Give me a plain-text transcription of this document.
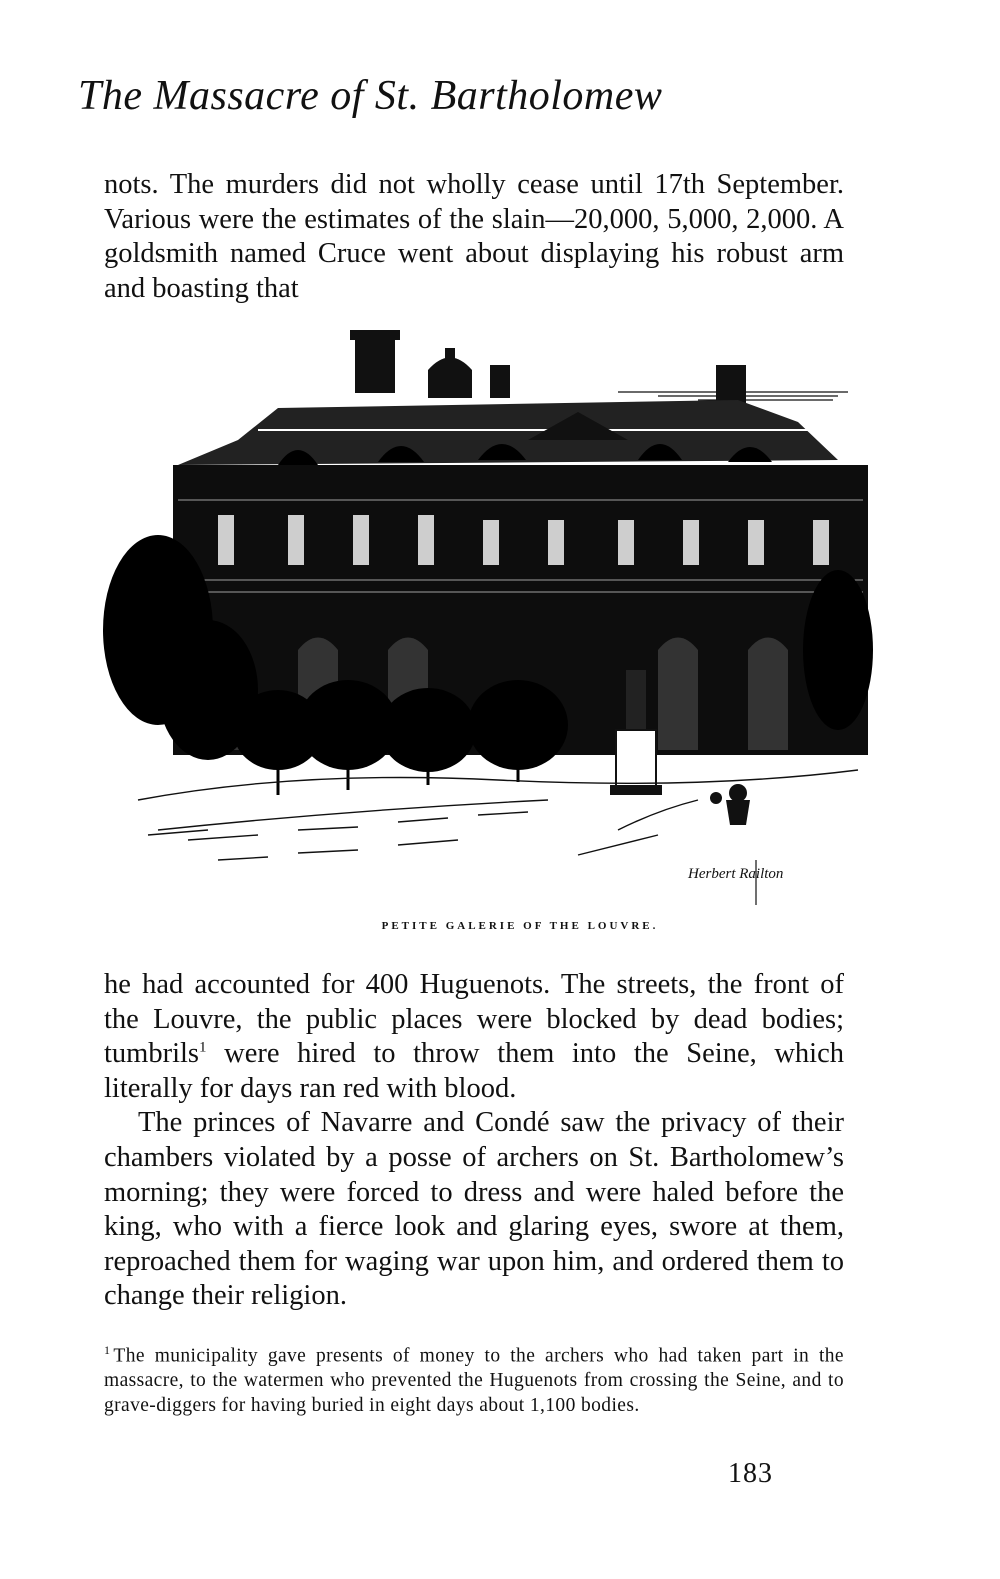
The Massacre of St. Bartholomew

nots. The murders did not wholly cease until 17th September. Various were the estimates of the slain—20,000, 5,000, 2,000. A goldsmith named Cruce went about displaying his robust arm and boasting that

Herbert Railton
PETITE GALERIE OF THE LOUVRE.

he had accounted for 400 Huguenots. The streets, the front of the Louvre, the public places were blocked by dead bodies; tumbrils$^1$ were hired to throw them into the Seine, which literally for days ran red with blood.

The princes of Navarre and Condé saw the privacy of their chambers violated by a posse of archers on St. Bartholomew’s morning; they were forced to dress and were haled before the king, who with a fierce look and glaring eyes, swore at them, reproached them for waging war upon him, and ordered them to change their religion.

$^1$ The municipality gave presents of money to the archers who had taken part in the massacre, to the watermen who prevented the Huguenots from crossing the Seine, and to grave-diggers for having buried in eight days about 1,100 bodies.
183
